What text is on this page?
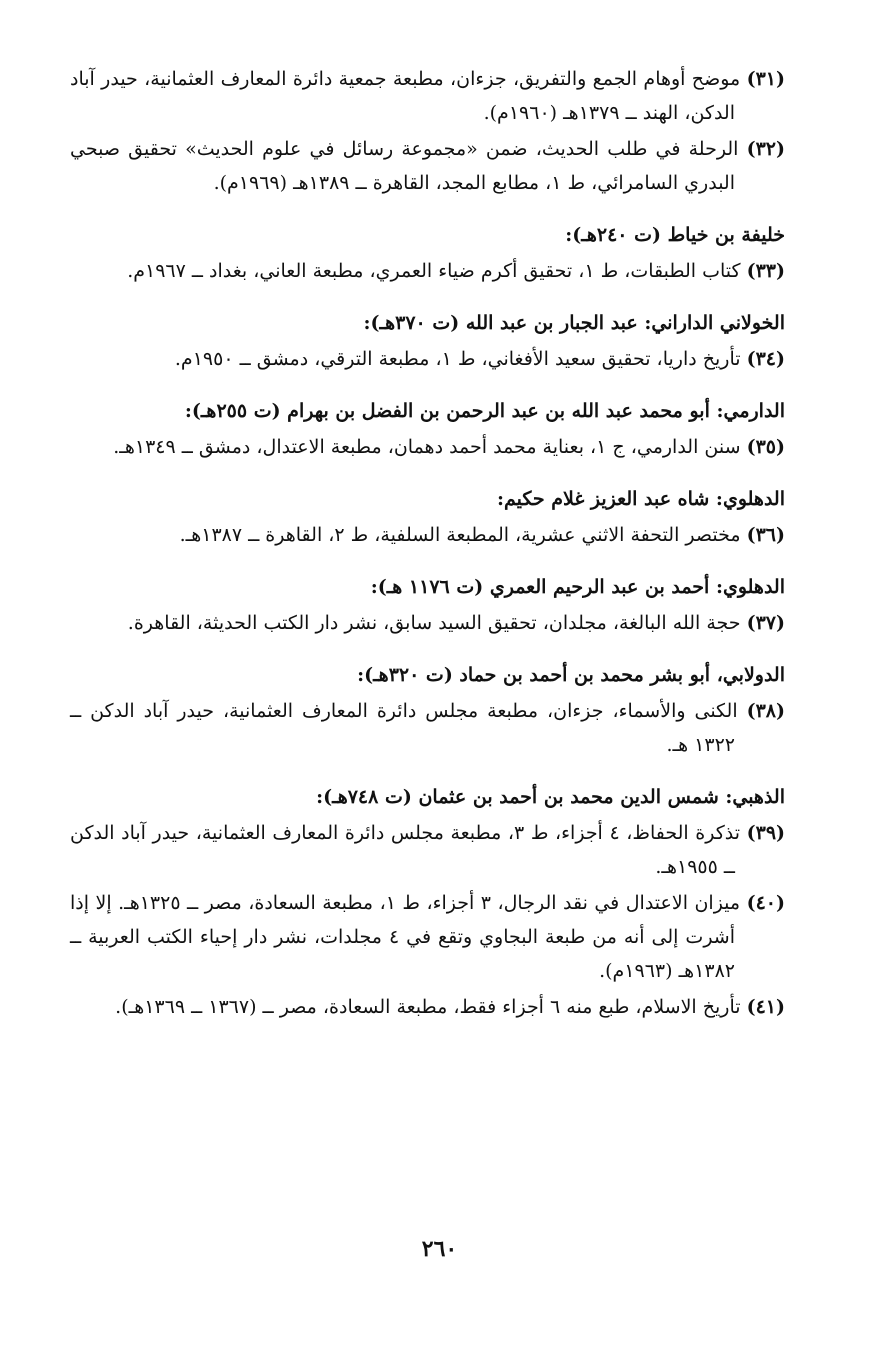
(٣١) موضح أوهام الجمع والتفريق، جزءان، مطبعة جمعية دائرة المعارف العثمانية، حيدر آباد الدكن، الهند ــ ١٣٧٩هـ (١٩٦٠م).

(٣٢) الرحلة في طلب الحديث، ضمن «مجموعة رسائل في علوم الحديث» تحقيق صبحي البدري السامرائي، ط ١، مطابع المجد، القاهرة ــ ١٣٨٩هـ (١٩٦٩م).

خليفة بن خياط (ت ٢٤٠هـ):

(٣٣) كتاب الطبقات، ط ١، تحقيق أكرم ضياء العمري، مطبعة العاني، بغداد ــ ١٩٦٧م.

الخولاني الداراني: عبد الجبار بن عبد الله (ت ٣٧٠هـ):

(٣٤) تأريخ داريا، تحقيق سعيد الأفغاني، ط ١، مطبعة الترقي، دمشق ــ ١٩٥٠م.

الدارمي: أبو محمد عبد الله بن عبد الرحمن بن الفضل بن بهرام (ت ٢٥٥هـ):

(٣٥) سنن الدارمي، ج ١، بعناية محمد أحمد دهمان، مطبعة الاعتدال، دمشق ــ ١٣٤٩هـ.

الدهلوي: شاه عبد العزيز غلام حكيم:

(٣٦) مختصر التحفة الاثني عشرية، المطبعة السلفية، ط ٢، القاهرة ــ ١٣٨٧هـ.

الدهلوي: أحمد بن عبد الرحيم العمري (ت ١١٧٦ هـ):

(٣٧) حجة الله البالغة، مجلدان، تحقيق السيد سابق، نشر دار الكتب الحديثة، القاهرة.

الدولابي، أبو بشر محمد بن أحمد بن حماد (ت ٣٢٠هـ):

(٣٨) الكنى والأسماء، جزءان، مطبعة مجلس دائرة المعارف العثمانية، حيدر آباد الدكن ــ ١٣٢٢ هـ.

الذهبي: شمس الدين محمد بن أحمد بن عثمان (ت ٧٤٨هـ):

(٣٩) تذكرة الحفاظ، ٤ أجزاء، ط ٣، مطبعة مجلس دائرة المعارف العثمانية، حيدر آباد الدكن ــ ١٩٥٥هـ.

(٤٠) ميزان الاعتدال في نقد الرجال، ٣ أجزاء، ط ١، مطبعة السعادة، مصر ــ ١٣٢٥هـ. إلا إذا أشرت إلى أنه من طبعة البجاوي وتقع في ٤ مجلدات، نشر دار إحياء الكتب العربية ــ ١٣٨٢هـ (١٩٦٣م).

(٤١) تأريخ الاسلام، طبع منه ٦ أجزاء فقط، مطبعة السعادة، مصر ــ (١٣٦٧ ــ ١٣٦٩هـ).

٢٦٠
